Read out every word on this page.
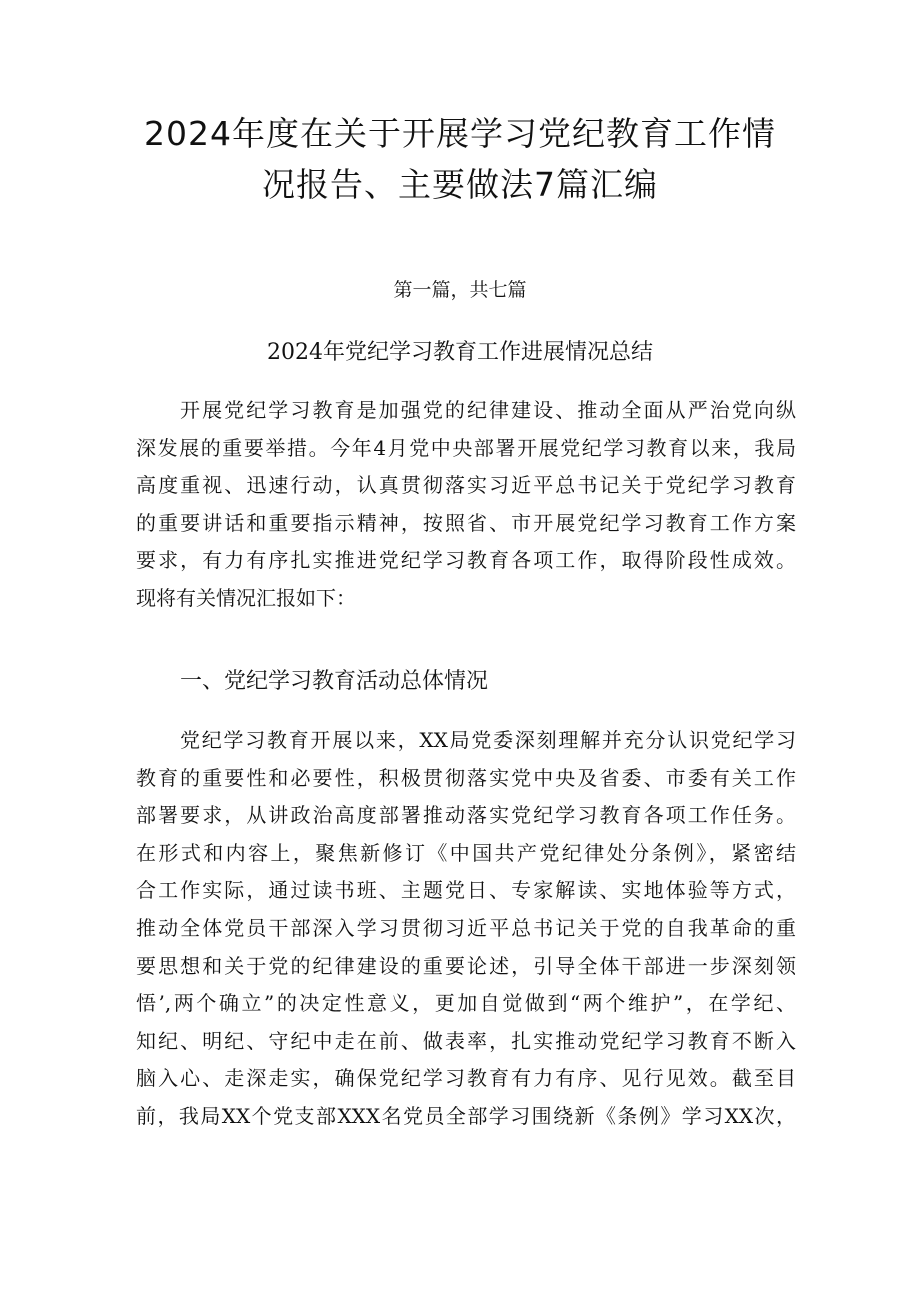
2024年度在关于开展学习党纪教育工作情
况报告、主要做法7篇汇编
第一篇，共七篇
2024年党纪学习教育工作进展情况总结
开展党纪学习教育是加强党的纪律建设、推动全面从严治党向纵
深发展的重要举措。今年4月党中央部署开展党纪学习教育以来，我局
高度重视、迅速行动，认真贯彻落实习近平总书记关于党纪学习教育
的重要讲话和重要指示精神，按照省、市开展党纪学习教育工作方案
要求，有力有序扎实推进党纪学习教育各项工作，取得阶段性成效。
现将有关情况汇报如下：
一、党纪学习教育活动总体情况
党纪学习教育开展以来，XX局党委深刻理解并充分认识党纪学习
教育的重要性和必要性，积极贯彻落实党中央及省委、市委有关工作
部署要求，从讲政治高度部署推动落实党纪学习教育各项工作任务。
在形式和内容上，聚焦新修订《中国共产党纪律处分条例》，紧密结
合工作实际，通过读书班、主题党日、专家解读、实地体验等方式，
推动全体党员干部深入学习贯彻习近平总书记关于党的自我革命的重
要思想和关于党的纪律建设的重要论述，引导全体干部进一步深刻领
悟’,两个确立”的决定性意义，更加自觉做到“两个维护”，在学纪、
知纪、明纪、守纪中走在前、做表率，扎实推动党纪学习教育不断入
脑入心、走深走实，确保党纪学习教育有力有序、见行见效。截至目
前，我局XX个党支部XXX名党员全部学习围绕新《条例》学习XX次，
